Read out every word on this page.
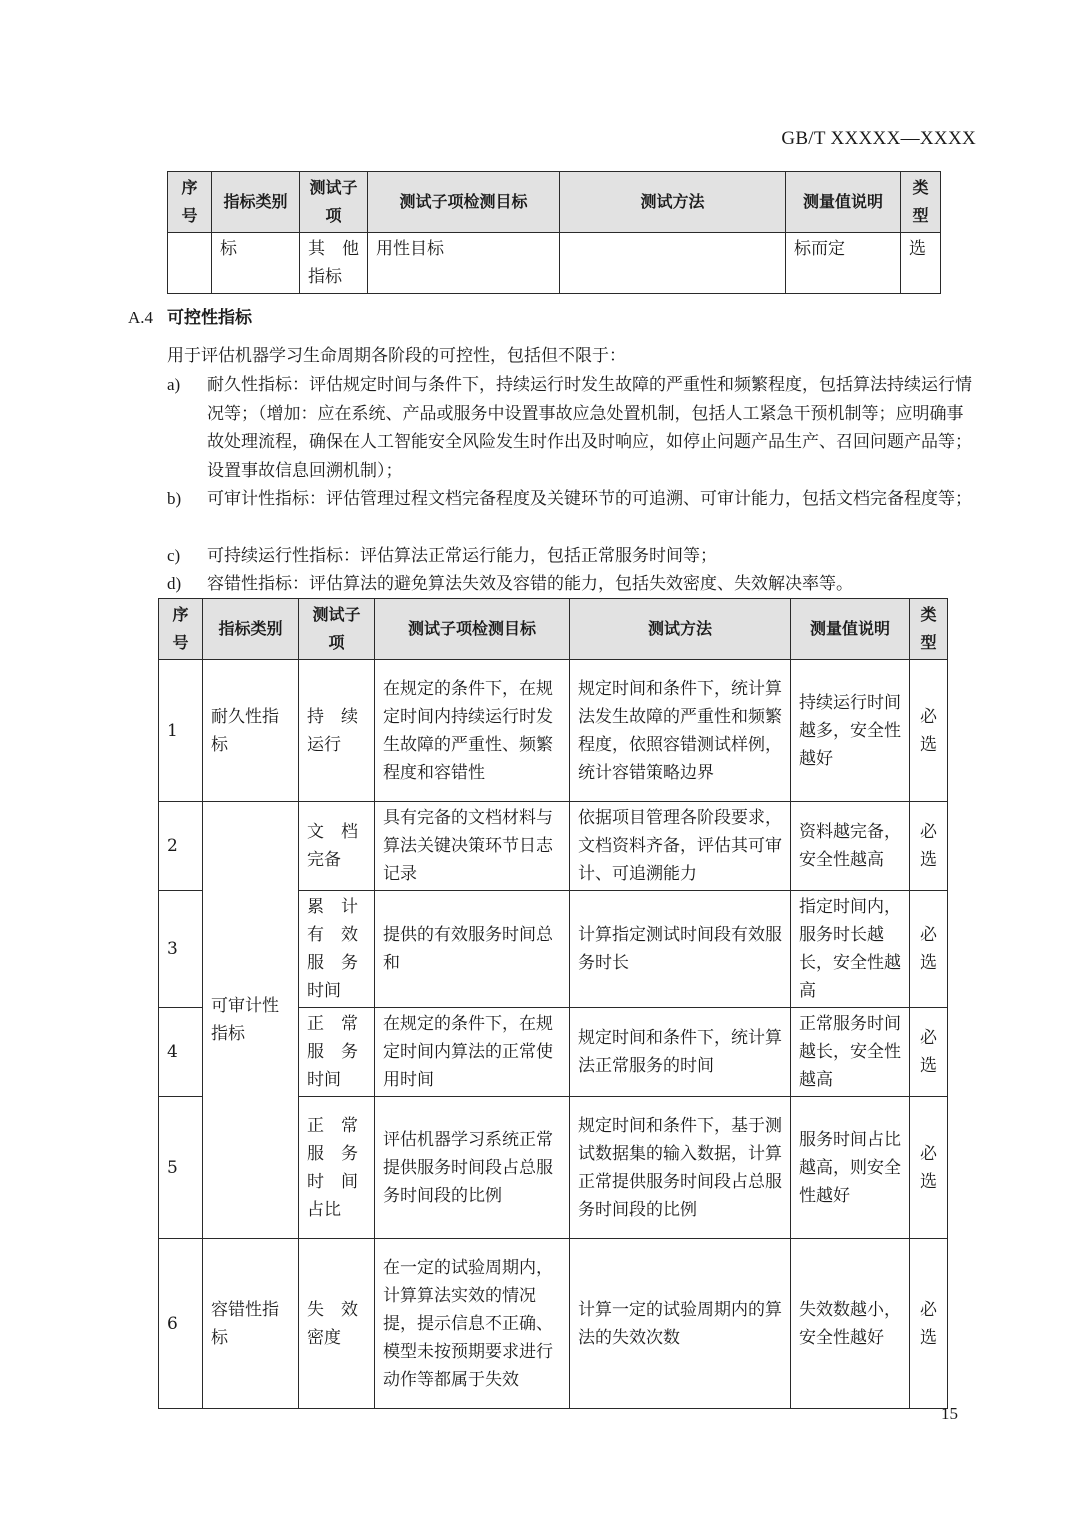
GB/T XXXXX—XXXX
序号	指标类别	测试子项	测试子项检测目标	测试方法	测量值说明	类型
	标	其　他指标	用性目标		标而定	选
A.4 可控性指标
用于评估机器学习生命周期各阶段的可控性，包括但不限于：
a)	耐久性指标：评估规定时间与条件下，持续运行时发生故障的严重性和频繁程度，包括算法持续运行情况等；（增加：应在系统、产品或服务中设置事故应急处置机制，包括人工紧急干预机制等；应明确事故处理流程，确保在人工智能安全风险发生时作出及时响应，如停止问题产品生产、召回问题产品等；设置事故信息回溯机制）；
b)	可审计性指标：评估管理过程文档完备程度及关键环节的可追溯、可审计能力，包括文档完备程度等；
c)	可持续运行性指标：评估算法正常运行能力，包括正常服务时间等；
d)	容错性指标：评估算法的避免算法失效及容错的能力，包括失效密度、失效解决率等。
序号	指标类别	测试子项	测试子项检测目标	测试方法	测量值说明	类型
1	耐久性指标	持　续运行	在规定的条件下，在规定时间内持续运行时发生故障的严重性、频繁程度和容错性	规定时间和条件下，统计算法发生故障的严重性和频繁程度，依照容错测试样例，统计容错策略边界	持续运行时间越多，安全性越好	必选
2	可审计性指标	文　档完备	具有完备的文档材料与算法关键决策环节日志记录	依据项目管理各阶段要求，文档资料齐备，评估其可审计、可追溯能力	资料越完备，安全性越高	必选
3		累　计有　效服　务时间	提供的有效服务时间总和	计算指定测试时间段有效服务时长	指定时间内，服务时长越长，安全性越高	必选
4		正　常服　务时间	在规定的条件下，在规定时间内算法的正常使用时间	规定时间和条件下，统计算法正常服务的时间	正常服务时间越长，安全性越高	必选
5		正　常服　务时　间占比	评估机器学习系统正常提供服务时间段占总服务时间段的比例	规定时间和条件下，基于测试数据集的输入数据，计算正常提供服务时间段占总服务时间段的比例	服务时间占比越高，则安全性越好	必选
6	容错性指标	失　效密度	在一定的试验周期内，计算算法实效的情况提，提示信息不正确、模型未按预期要求进行动作等都属于失效	计算一定的试验周期内的算法的失效次数	失效数越小，安全性越好	必选
15
